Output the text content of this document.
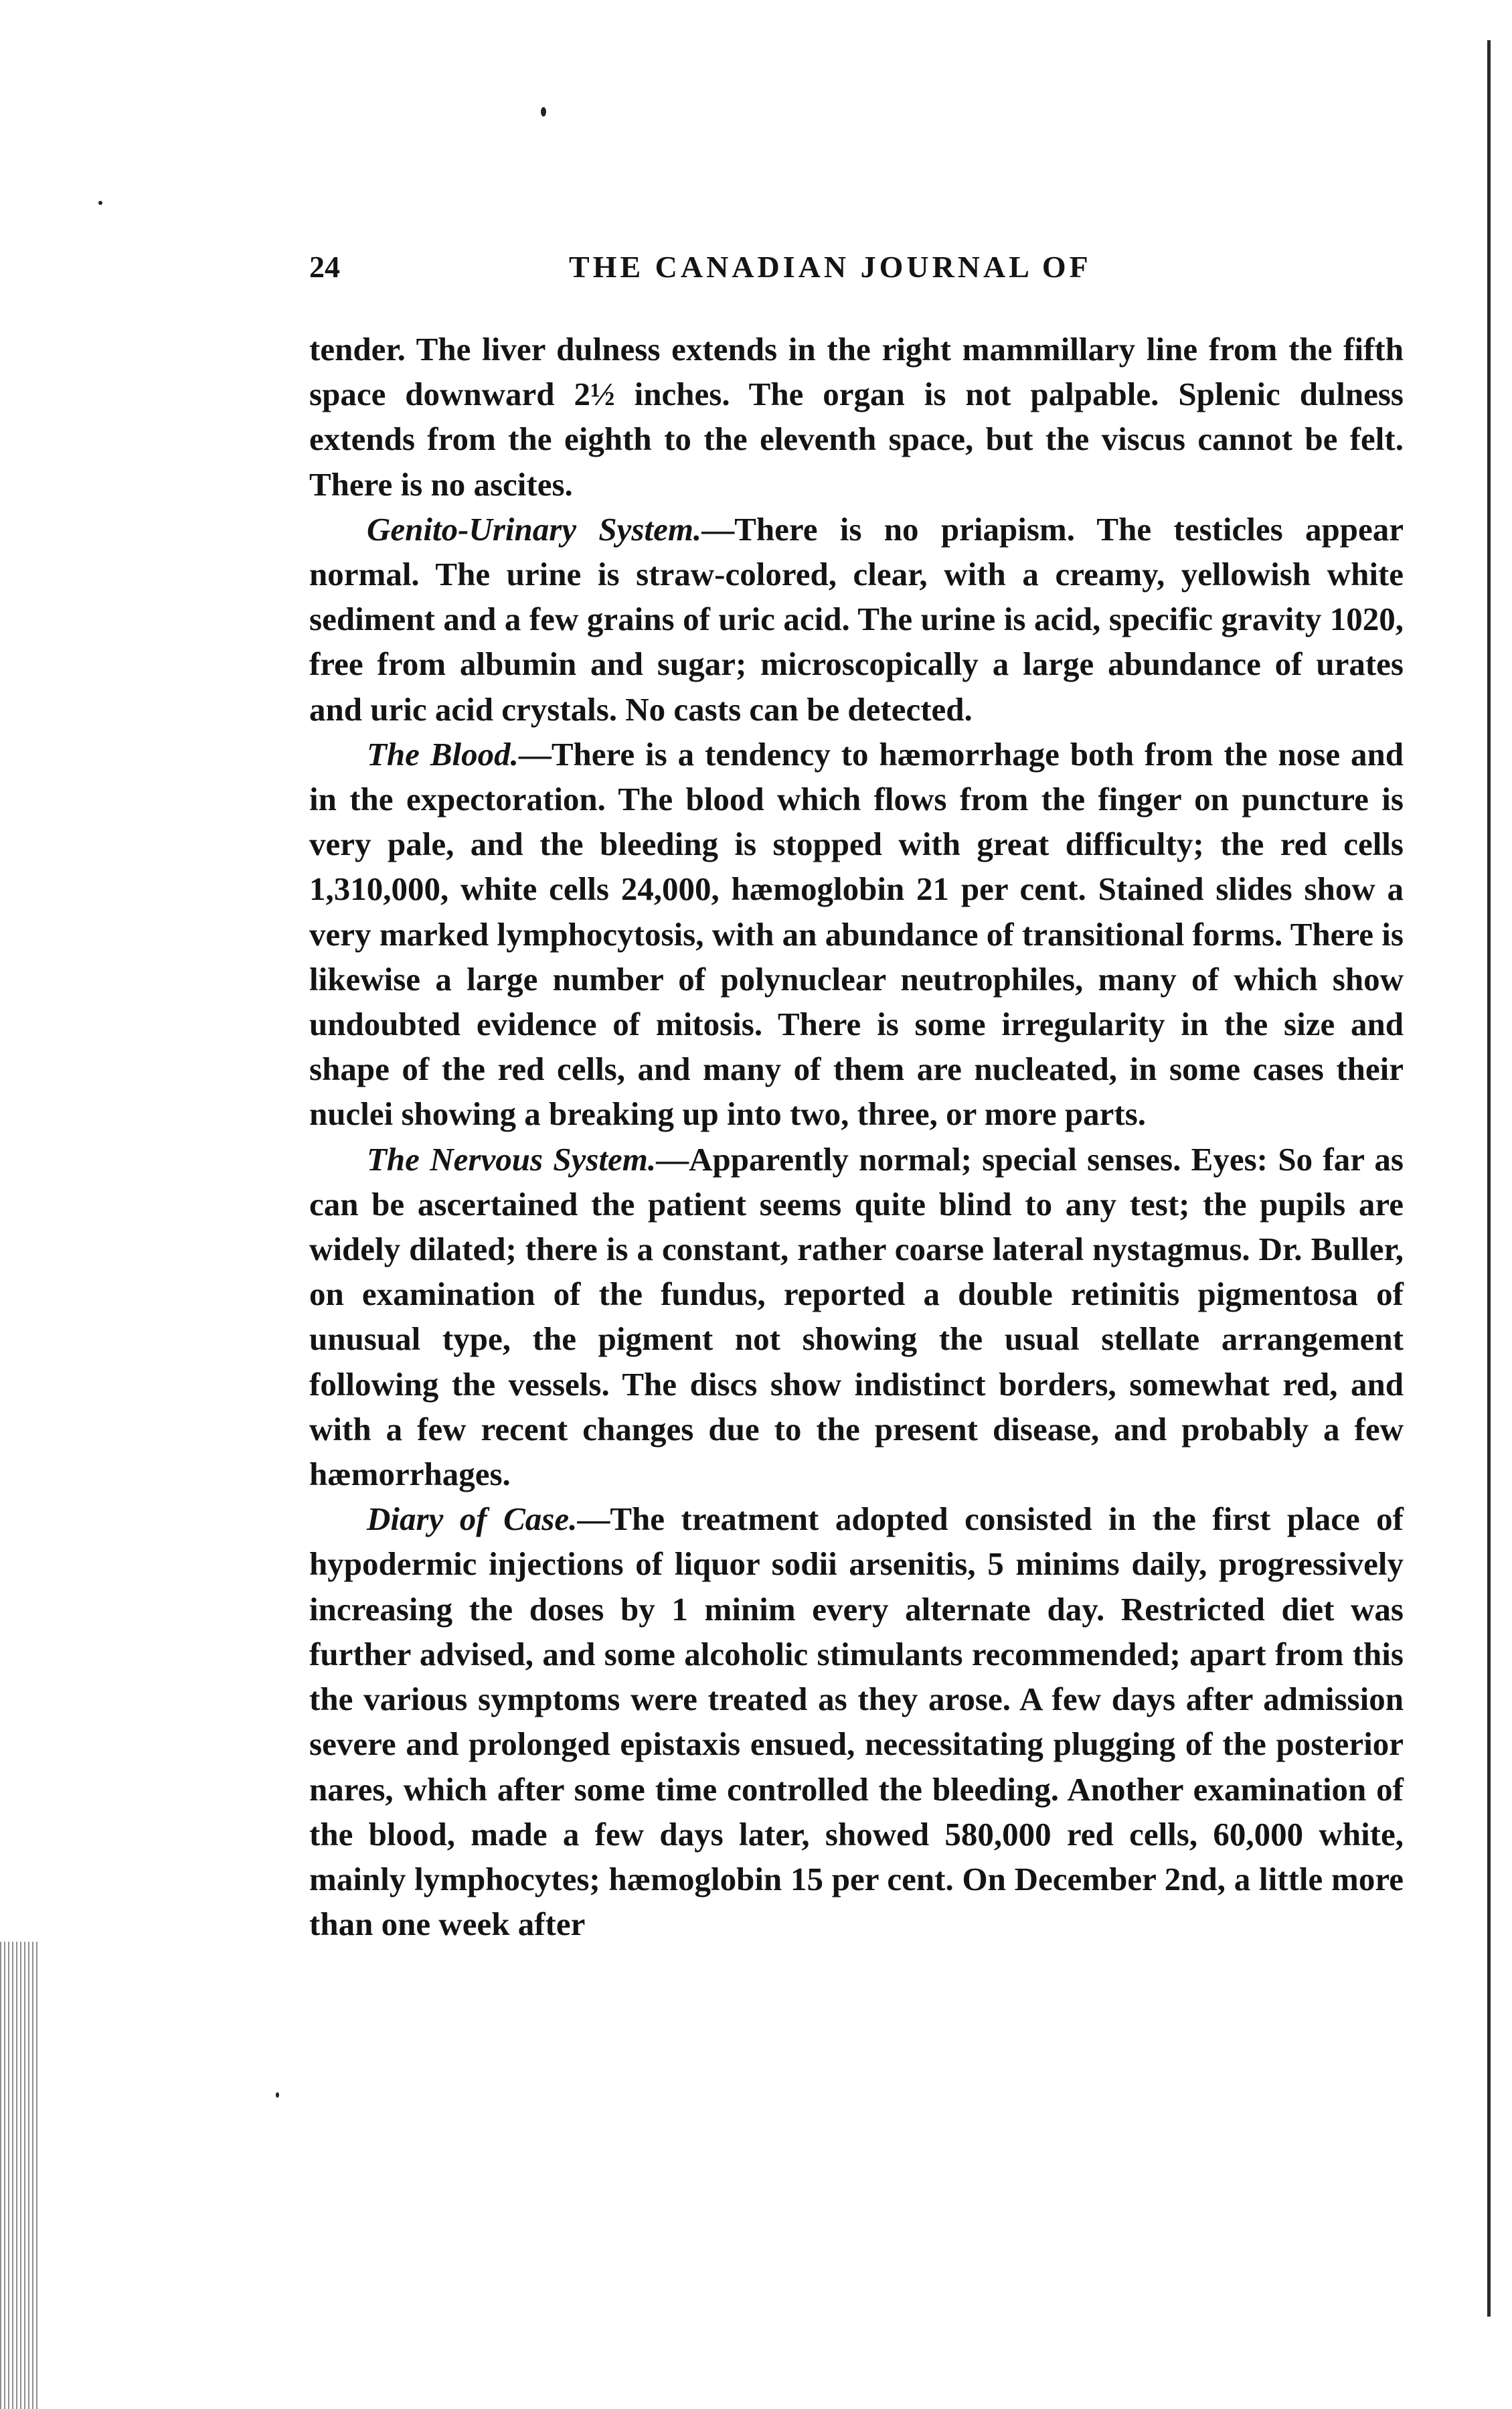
24	THE CANADIAN JOURNAL OF

tender. The liver dulness extends in the right mammillary line from the fifth space downward 2½ inches. The organ is not palpable. Splenic dulness extends from the eighth to the eleventh space, but the viscus cannot be felt. There is no ascites.

Genito-Urinary System.—There is no priapism. The testicles appear normal. The urine is straw-colored, clear, with a creamy, yellowish white sediment and a few grains of uric acid. The urine is acid, specific gravity 1020, free from albumin and sugar; microscopically a large abundance of urates and uric acid crystals. No casts can be detected.

The Blood.—There is a tendency to hæmorrhage both from the nose and in the expectoration. The blood which flows from the finger on puncture is very pale, and the bleeding is stopped with great difficulty; the red cells 1,310,000, white cells 24,000, hæmoglobin 21 per cent. Stained slides show a very marked lymphocytosis, with an abundance of transitional forms. There is likewise a large number of polynuclear neutrophiles, many of which show undoubted evidence of mitosis. There is some irregularity in the size and shape of the red cells, and many of them are nucleated, in some cases their nuclei showing a breaking up into two, three, or more parts.

The Nervous System.—Apparently normal; special senses. Eyes: So far as can be ascertained the patient seems quite blind to any test; the pupils are widely dilated; there is a constant, rather coarse lateral nystagmus. Dr. Buller, on examination of the fundus, reported a double retinitis pigmentosa of unusual type, the pigment not showing the usual stellate arrangement following the vessels. The discs show indistinct borders, somewhat red, and with a few recent changes due to the present disease, and probably a few hæmorrhages.

Diary of Case.—The treatment adopted consisted in the first place of hypodermic injections of liquor sodii arsenitis, 5 minims daily, progressively increasing the doses by 1 minim every alternate day. Restricted diet was further advised, and some alcoholic stimulants recommended; apart from this the various symptoms were treated as they arose. A few days after admission severe and prolonged epistaxis ensued, necessitating plugging of the posterior nares, which after some time controlled the bleeding. Another examination of the blood, made a few days later, showed 580,000 red cells, 60,000 white, mainly lymphocytes; hæmoglobin 15 per cent. On December 2nd, a little more than one week after
